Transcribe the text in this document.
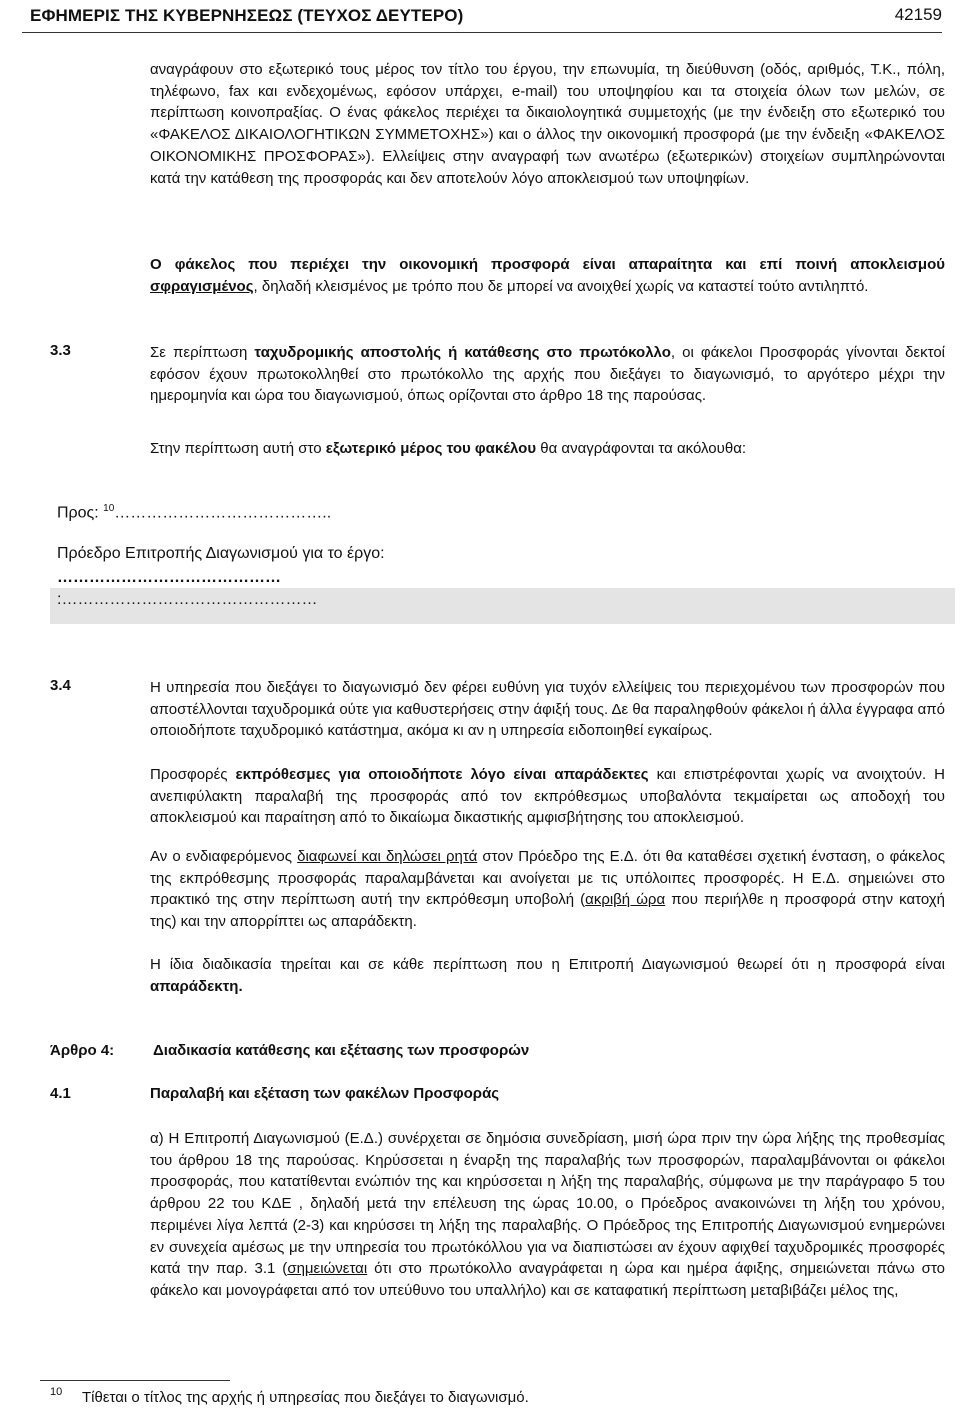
ΕΦΗΜΕΡΙΣ ΤΗΣ ΚΥΒΕΡΝΗΣΕΩΣ (ΤΕΥΧΟΣ ΔΕΥΤΕΡΟ)	42159

αναγράφουν στο εξωτερικό τους μέρος τον τίτλο του έργου, την επωνυμία, τη διεύθυνση (οδός, αριθμός, Τ.Κ., πόλη, τηλέφωνο, fax και ενδεχομένως, εφόσον υπάρχει, e-mail) του υποψηφίου και τα στοιχεία όλων των μελών, σε περίπτωση κοινοπραξίας. Ο ένας φάκελος περιέχει τα δικαιολογητικά συμμετοχής (με την ένδειξη στο εξωτερικό του «ΦΑΚΕΛΟΣ ΔΙΚΑΙΟΛΟΓΗΤΙΚΩΝ ΣΥΜΜΕΤΟΧΗΣ») και ο άλλος την οικονομική προσφορά (με την ένδειξη «ΦΑΚΕΛΟΣ ΟΙΚΟΝΟΜΙΚΗΣ ΠΡΟΣΦΟΡΑΣ»). Ελλείψεις στην αναγραφή των ανωτέρω (εξωτερικών) στοιχείων συμπληρώνονται κατά την κατάθεση της προσφοράς και δεν αποτελούν λόγο αποκλεισμού των υποψηφίων.

Ο φάκελος που περιέχει την οικονομική προσφορά είναι απαραίτητα και επί ποινή αποκλεισμού σφραγισμένος, δηλαδή κλεισμένος με τρόπο που δε μπορεί να ανοιχθεί χωρίς να καταστεί τούτο αντιληπτό.

3.3	Σε περίπτωση ταχυδρομικής αποστολής ή κατάθεσης στο πρωτόκολλο, οι φάκελοι Προσφοράς γίνονται δεκτοί εφόσον έχουν πρωτοκολληθεί στο πρωτόκολλο της αρχής που διεξάγει το διαγωνισμό, το αργότερο μέχρι την ημερομηνία και ώρα του διαγωνισμού, όπως ορίζονται στο άρθρο 18 της παρούσας.

Στην περίπτωση αυτή στο εξωτερικό μέρος του φακέλου θα αναγράφονται τα ακόλουθα:

Προς: $^{10}$…………………………………..
Πρόεδρο Επιτροπής Διαγωνισμού για το έργο:
……………………………………
:…………………………………………
3.4	Η υπηρεσία που διεξάγει το διαγωνισμό δεν φέρει ευθύνη για τυχόν ελλείψεις του περιεχομένου των προσφορών που αποστέλλονται ταχυδρομικά ούτε για καθυστερήσεις στην άφιξή τους. Δε θα παραληφθούν φάκελοι ή άλλα έγγραφα από οποιοδήποτε ταχυδρομικό κατάστημα, ακόμα κι αν η υπηρεσία ειδοποιηθεί εγκαίρως.

Προσφορές εκπρόθεσμες για οποιοδήποτε λόγο είναι απαράδεκτες και επιστρέφονται χωρίς να ανοιχτούν. Η ανεπιφύλακτη παραλαβή της προσφοράς από τον εκπρόθεσμως υποβαλόντα τεκμαίρεται ως αποδοχή του αποκλεισμού και παραίτηση από το δικαίωμα δικαστικής αμφισβήτησης του αποκλεισμού.

Αν ο ενδιαφερόμενος διαφωνεί και δηλώσει ρητά στον Πρόεδρο της Ε.Δ. ότι θα καταθέσει σχετική ένσταση, ο φάκελος της εκπρόθεσμης προσφοράς παραλαμβάνεται και ανοίγεται με τις υπόλοιπες προσφορές. Η Ε.Δ. σημειώνει στο πρακτικό της στην περίπτωση αυτή την εκπρόθεσμη υποβολή (ακριβή ώρα που περιήλθε η προσφορά στην κατοχή της) και την απορρίπτει ως απαράδεκτη.

Η ίδια διαδικασία τηρείται και σε κάθε περίπτωση που η Επιτροπή Διαγωνισμού θεωρεί ότι η προσφορά είναι απαράδεκτη.

Άρθρο 4:	Διαδικασία κατάθεσης και εξέτασης των προσφορών
4.1	Παραλαβή και εξέταση των φακέλων Προσφοράς

α) Η Επιτροπή Διαγωνισμού (Ε.Δ.) συνέρχεται σε δημόσια συνεδρίαση, μισή ώρα πριν την ώρα λήξης της προθεσμίας του άρθρου 18 της παρούσας. Κηρύσσεται η έναρξη της παραλαβής των προσφορών, παραλαμβάνονται οι φάκελοι προσφοράς, που κατατίθενται ενώπιόν της και κηρύσσεται η λήξη της παραλαβής, σύμφωνα με την παράγραφο 5 του άρθρου 22 του ΚΔΕ , δηλαδή μετά την επέλευση της ώρας 10.00, ο Πρόεδρος ανακοινώνει τη λήξη του χρόνου, περιμένει λίγα λεπτά (2-3) και κηρύσσει τη λήξη της παραλαβής. Ο Πρόεδρος της Επιτροπής Διαγωνισμού ενημερώνει εν συνεχεία αμέσως με την υπηρεσία του πρωτόκόλλου για να διαπιστώσει αν έχουν αφιχθεί ταχυδρομικές προσφορές κατά την παρ. 3.1 (σημειώνεται ότι στο πρωτόκολλο αναγράφεται η ώρα και ημέρα άφιξης, σημειώνεται πάνω στο φάκελο και μονογράφεται από τον υπεύθυνο του υπαλλήλο) και σε καταφατική περίπτωση μεταβιβάζει μέλος της,

10 Τίθεται ο τίτλος της αρχής ή υπηρεσίας που διεξάγει το διαγωνισμό.
